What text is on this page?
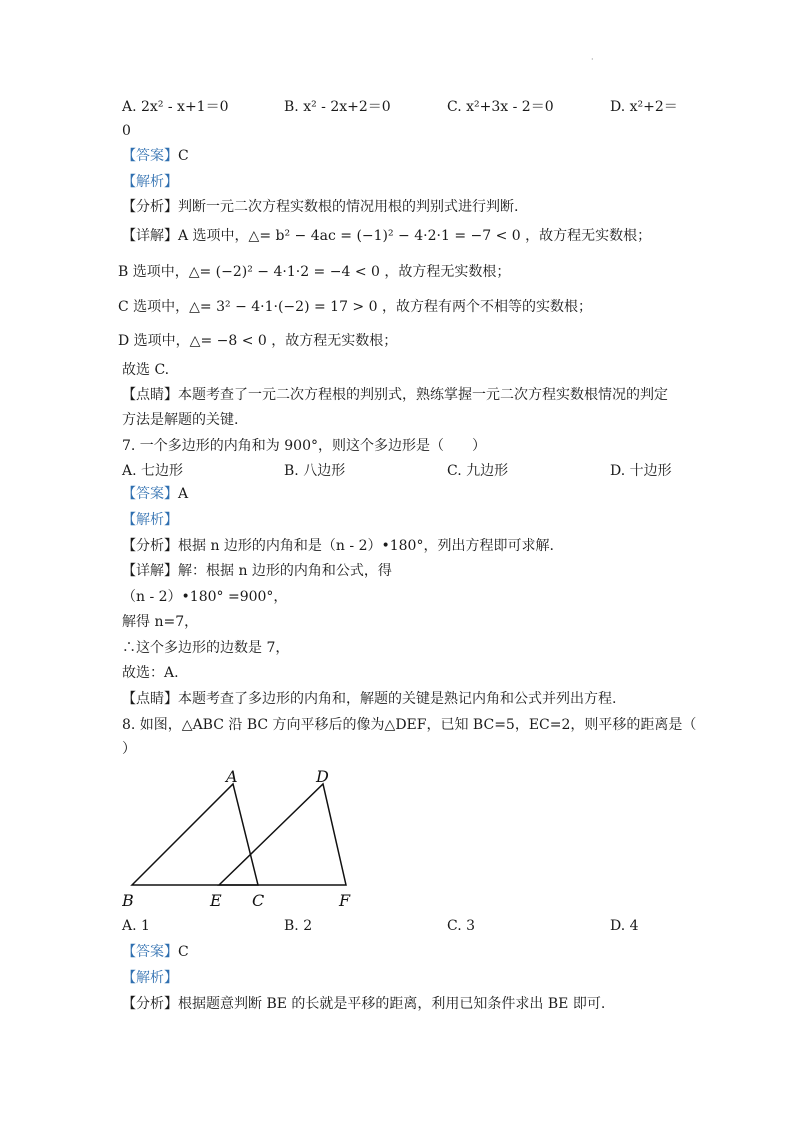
·
A. 2x² - x+1＝0	B. x² - 2x+2＝0	C. x²+3x - 2＝0	D. x²+2＝
0
【答案】C
【解析】
【分析】判断一元二次方程实数根的情况用根的判别式进行判断.
【详解】A 选项中，△= b² − 4ac = (−1)² − 4·2·1 = −7 < 0 ，故方程无实数根；
B 选项中，△= (−2)² − 4·1·2 = −4 < 0 ，故方程无实数根；
C 选项中，△= 3² − 4·1·(−2) = 17 > 0 ，故方程有两个不相等的实数根；
D 选项中，△= −8 < 0 ，故方程无实数根；
故选 C.
【点睛】本题考查了一元二次方程根的判别式，熟练掌握一元二次方程实数根情况的判定
方法是解题的关键.
7. 一个多边形的内角和为 900°，则这个多边形是（　　）
A. 七边形	B. 八边形	C. 九边形	D. 十边形
【答案】A
【解析】
【分析】根据 n 边形的内角和是（n - 2）•180°，列出方程即可求解.
【详解】解：根据 n 边形的内角和公式，得
（n - 2）•180° =900°，
解得 n=7，
∴这个多边形的边数是 7，
故选：A.
【点睛】本题考查了多边形的内角和，解题的关键是熟记内角和公式并列出方程.
8. 如图，△ABC 沿 BC 方向平移后的像为△DEF，已知 BC=5，EC=2，则平移的距离是（
）
A	D
B	E C	F
A. 1	B. 2	C. 3	D. 4
【答案】C
【解析】
【分析】根据题意判断 BE 的长就是平移的距离，利用已知条件求出 BE 即可.
